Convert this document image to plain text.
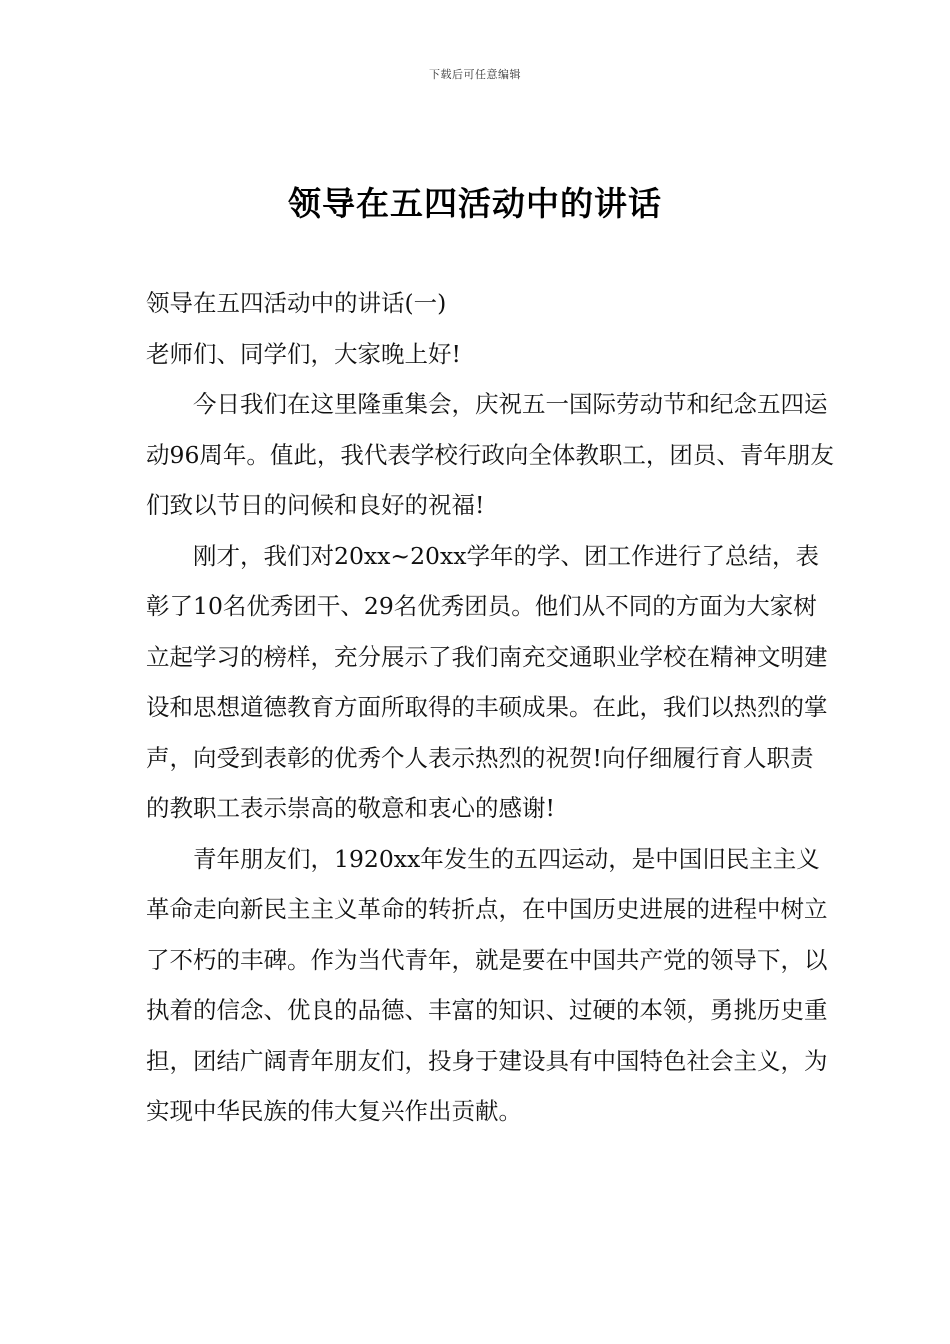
下载后可任意编辑
领导在五四活动中的讲话

领导在五四活动中的讲话(一)

老师们、同学们，大家晚上好!

今日我们在这里隆重集会，庆祝五一国际劳动节和纪念五四运动96周年。值此，我代表学校行政向全体教职工，团员、青年朋友们致以节日的问候和良好的祝福!

刚才，我们对20xx~20xx学年的学、团工作进行了总结，表彰了10名优秀团干、29名优秀团员。他们从不同的方面为大家树立起学习的榜样，充分展示了我们南充交通职业学校在精神文明建设和思想道德教育方面所取得的丰硕成果。在此，我们以热烈的掌声，向受到表彰的优秀个人表示热烈的祝贺!向仔细履行育人职责的教职工表示崇高的敬意和衷心的感谢!

青年朋友们，1920xx年发生的五四运动，是中国旧民主主义革命走向新民主主义革命的转折点，在中国历史进展的进程中树立了不朽的丰碑。作为当代青年，就是要在中国共产党的领导下，以执着的信念、优良的品德、丰富的知识、过硬的本领，勇挑历史重担，团结广阔青年朋友们，投身于建设具有中国特色社会主义，为实现中华民族的伟大复兴作出贡献。
